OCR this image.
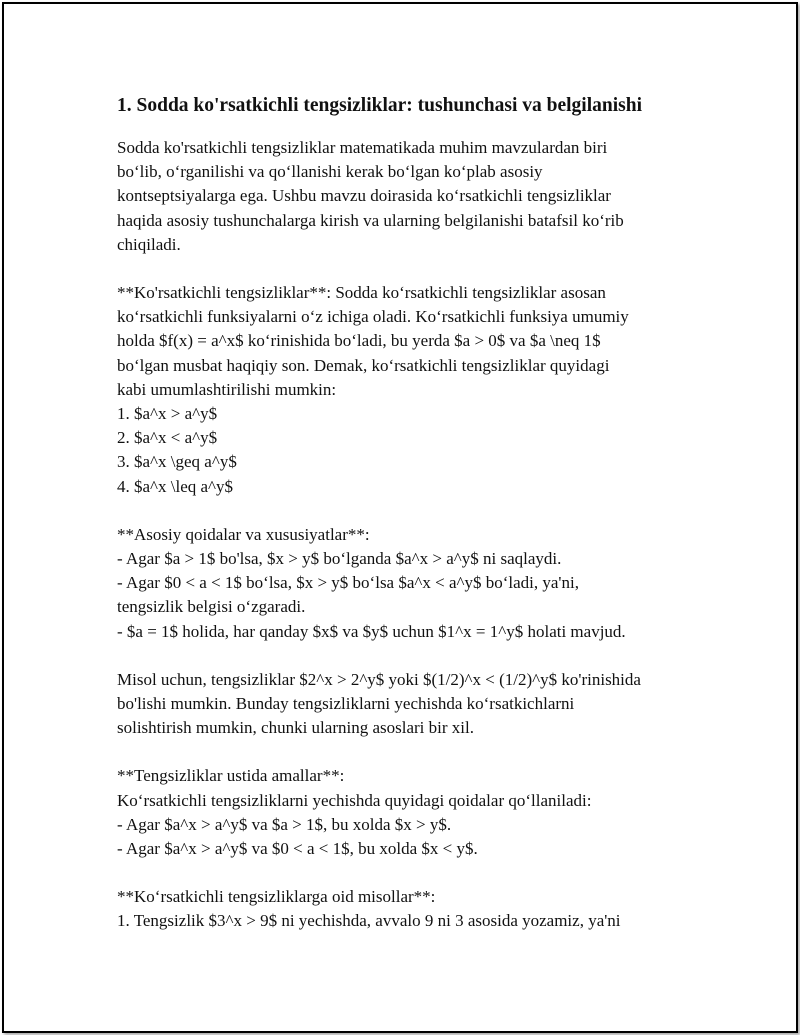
1. Sodda ko'rsatkichli tengsizliklar: tushunchasi va belgilanishi
Sodda ko'rsatkichli tengsizliklar matematikada muhim mavzulardan biri
bo‘lib, o‘rganilishi va qo‘llanishi kerak bo‘lgan ko‘plab asosiy
kontseptsiyalarga ega. Ushbu mavzu doirasida ko‘rsatkichli tengsizliklar
haqida asosiy tushunchalarga kirish va ularning belgilanishi batafsil ko‘rib
chiqiladi.
**Ko'rsatkichli tengsizliklar**: Sodda ko‘rsatkichli tengsizliklar asosan
ko‘rsatkichli funksiyalarni o‘z ichiga oladi. Ko‘rsatkichli funksiya umumiy
holda $f(x) = a^x$ ko‘rinishida bo‘ladi, bu yerda $a > 0$ va $a \neq 1$
bo‘lgan musbat haqiqiy son. Demak, ko‘rsatkichli tengsizliklar quyidagi
kabi umumlashtirilishi mumkin:
1. $a^x > a^y$
2. $a^x < a^y$
3. $a^x \geq a^y$
4. $a^x \leq a^y$
**Asosiy qoidalar va xususiyatlar**:
- Agar $a > 1$ bo'lsa, $x > y$ bo‘lganda $a^x > a^y$ ni saqlaydi.
- Agar $0 < a < 1$ bo‘lsa, $x > y$ bo‘lsa $a^x < a^y$ bo‘ladi, ya'ni,
tengsizlik belgisi o‘zgaradi.
- $a = 1$ holida, har qanday $x$ va $y$ uchun $1^x = 1^y$ holati mavjud.
Misol uchun, tengsizliklar $2^x > 2^y$ yoki $(1/2)^x < (1/2)^y$ ko'rinishida
bo'lishi mumkin. Bunday tengsizliklarni yechishda ko‘rsatkichlarni
solishtirish mumkin, chunki ularning asoslari bir xil.
**Tengsizliklar ustida amallar**:
Ko‘rsatkichli tengsizliklarni yechishda quyidagi qoidalar qo‘llaniladi:
- Agar $a^x > a^y$ va $a > 1$, bu xolda $x > y$.
- Agar $a^x > a^y$ va $0 < a < 1$, bu xolda $x < y$.
**Ko‘rsatkichli tengsizliklarga oid misollar**:
1. Tengsizlik $3^x > 9$ ni yechishda, avvalo 9 ni 3 asosida yozamiz, ya'ni
